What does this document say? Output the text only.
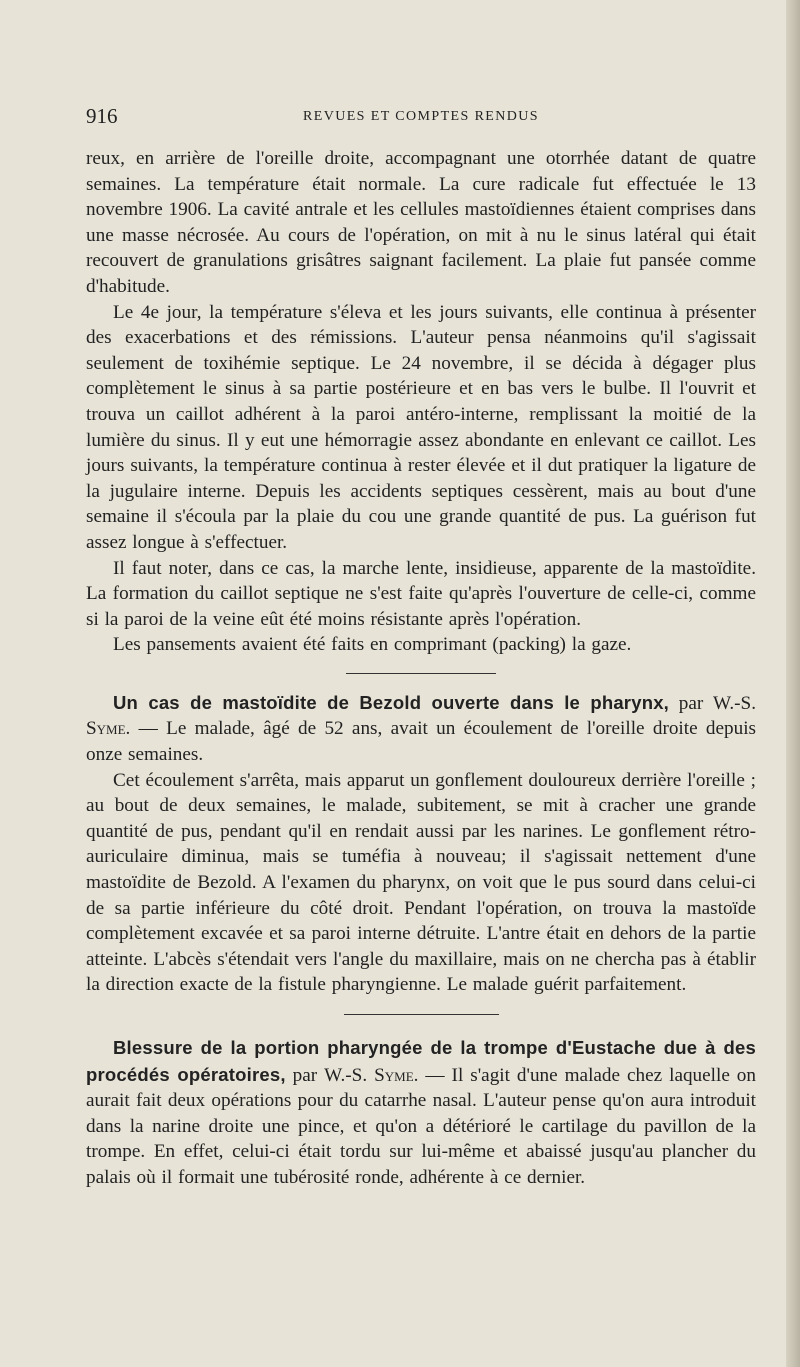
916	REVUES ET COMPTES RENDUS

reux, en arrière de l'oreille droite, accompagnant une otorrhée datant de quatre semaines. La température était normale. La cure radicale fut effectuée le 13 novembre 1906. La cavité antrale et les cellules mastoïdiennes étaient comprises dans une masse nécrosée. Au cours de l'opération, on mit à nu le sinus latéral qui était recouvert de granulations grisâtres saignant facilement. La plaie fut pansée comme d'habitude.

Le 4e jour, la température s'éleva et les jours suivants, elle continua à présenter des exacerbations et des rémissions. L'auteur pensa néanmoins qu'il s'agissait seulement de toxihémie septique. Le 24 novembre, il se décida à dégager plus complètement le sinus à sa partie postérieure et en bas vers le bulbe. Il l'ouvrit et trouva un caillot adhérent à la paroi antéro-interne, remplissant la moitié de la lumière du sinus. Il y eut une hémorragie assez abondante en enlevant ce caillot. Les jours suivants, la température continua à rester élevée et il dut pratiquer la ligature de la jugulaire interne. Depuis les accidents septiques cessèrent, mais au bout d'une semaine il s'écoula par la plaie du cou une grande quantité de pus. La guérison fut assez longue à s'effectuer.

Il faut noter, dans ce cas, la marche lente, insidieuse, apparente de la mastoïdite. La formation du caillot septique ne s'est faite qu'après l'ouverture de celle-ci, comme si la paroi de la veine eût été moins résistante après l'opération.

Les pansements avaient été faits en comprimant (packing) la gaze.

Un cas de mastoïdite de Bezold ouverte dans le pharynx, par W.-S. Syme. — Le malade, âgé de 52 ans, avait un écoulement de l'oreille droite depuis onze semaines.

Cet écoulement s'arrêta, mais apparut un gonflement douloureux derrière l'oreille ; au bout de deux semaines, le malade, subitement, se mit à cracher une grande quantité de pus, pendant qu'il en rendait aussi par les narines. Le gonflement rétro-auriculaire diminua, mais se tuméfia à nouveau; il s'agissait nettement d'une mastoïdite de Bezold. A l'examen du pharynx, on voit que le pus sourd dans celui-ci de sa partie inférieure du côté droit. Pendant l'opération, on trouva la mastoïde complètement excavée et sa paroi interne détruite. L'antre était en dehors de la partie atteinte. L'abcès s'étendait vers l'angle du maxillaire, mais on ne chercha pas à établir la direction exacte de la fistule pharyngienne. Le malade guérit parfaitement.

Blessure de la portion pharyngée de la trompe d'Eustache due à des procédés opératoires, par W.-S. Syme. — Il s'agit d'une malade chez laquelle on aurait fait deux opérations pour du catarrhe nasal. L'auteur pense qu'on aura introduit dans la narine droite une pince, et qu'on a détérioré le cartilage du pavillon de la trompe. En effet, celui-ci était tordu sur lui-même et abaissé jusqu'au plancher du palais où il formait une tubérosité ronde, adhérente à ce dernier.
